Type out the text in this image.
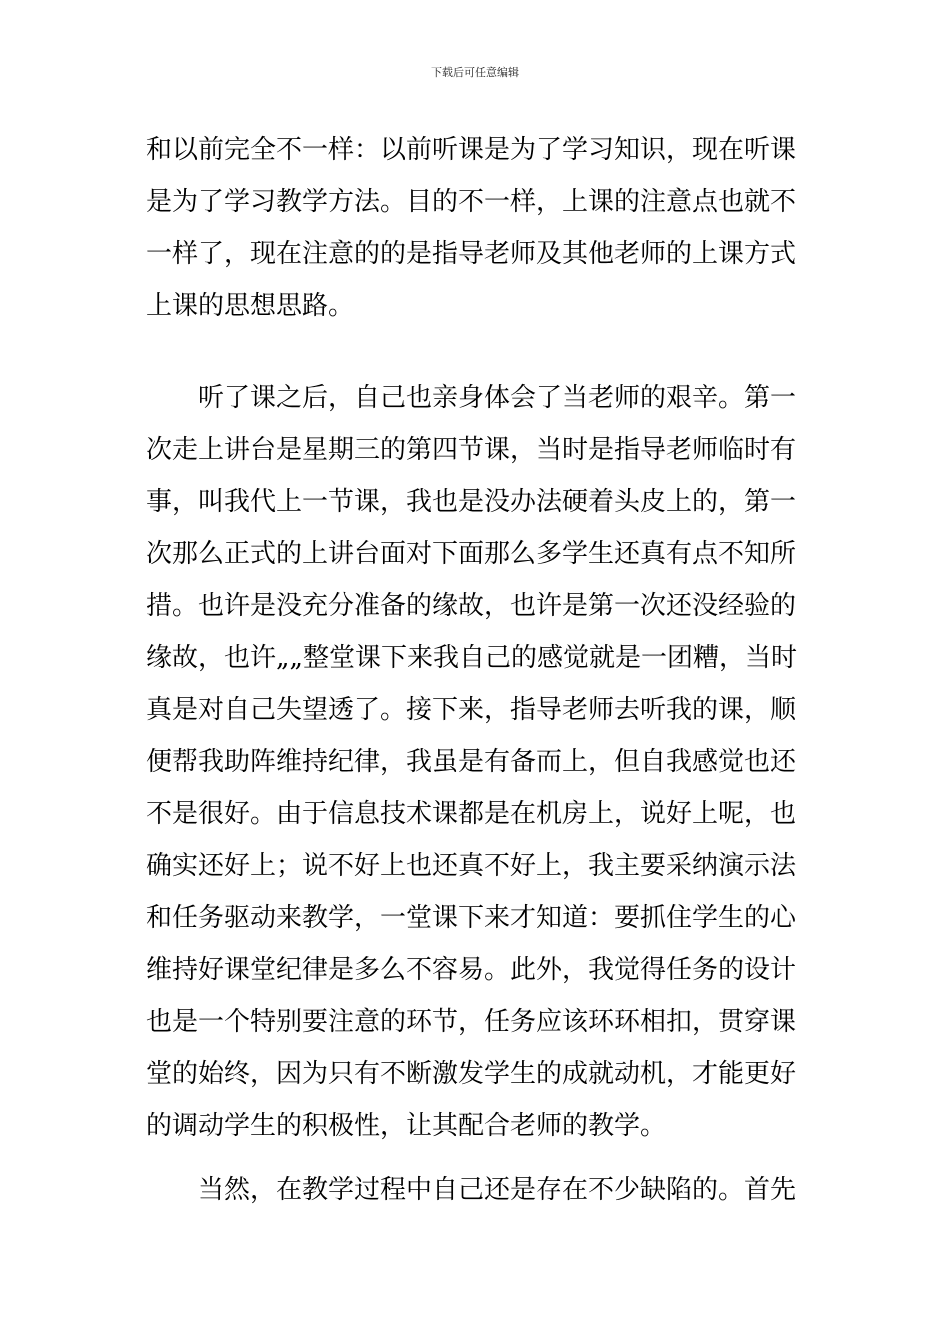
下载后可任意编辑
和以前完全不一样：以前听课是为了学习知识，现在听课
是为了学习教学方法。目的不一样，上课的注意点也就不
一样了，现在注意的的是指导老师及其他老师的上课方式
上课的思想思路。
　　听了课之后，自己也亲身体会了当老师的艰辛。第一
次走上讲台是星期三的第四节课，当时是指导老师临时有
事，叫我代上一节课，我也是没办法硬着头皮上的，第一
次那么正式的上讲台面对下面那么多学生还真有点不知所
措。也许是没充分准备的缘故，也许是第一次还没经验的
缘故，也许„„整堂课下来我自己的感觉就是一团糟，当时
真是对自己失望透了。接下来，指导老师去听我的课，顺
便帮我助阵维持纪律，我虽是有备而上，但自我感觉也还
不是很好。由于信息技术课都是在机房上，说好上呢，也
确实还好上；说不好上也还真不好上，我主要采纳演示法
和任务驱动来教学，一堂课下来才知道：要抓住学生的心
维持好课堂纪律是多么不容易。此外，我觉得任务的设计
也是一个特别要注意的环节，任务应该环环相扣，贯穿课
堂的始终，因为只有不断激发学生的成就动机，才能更好
的调动学生的积极性，让其配合老师的教学。
　　当然，在教学过程中自己还是存在不少缺陷的。首先
